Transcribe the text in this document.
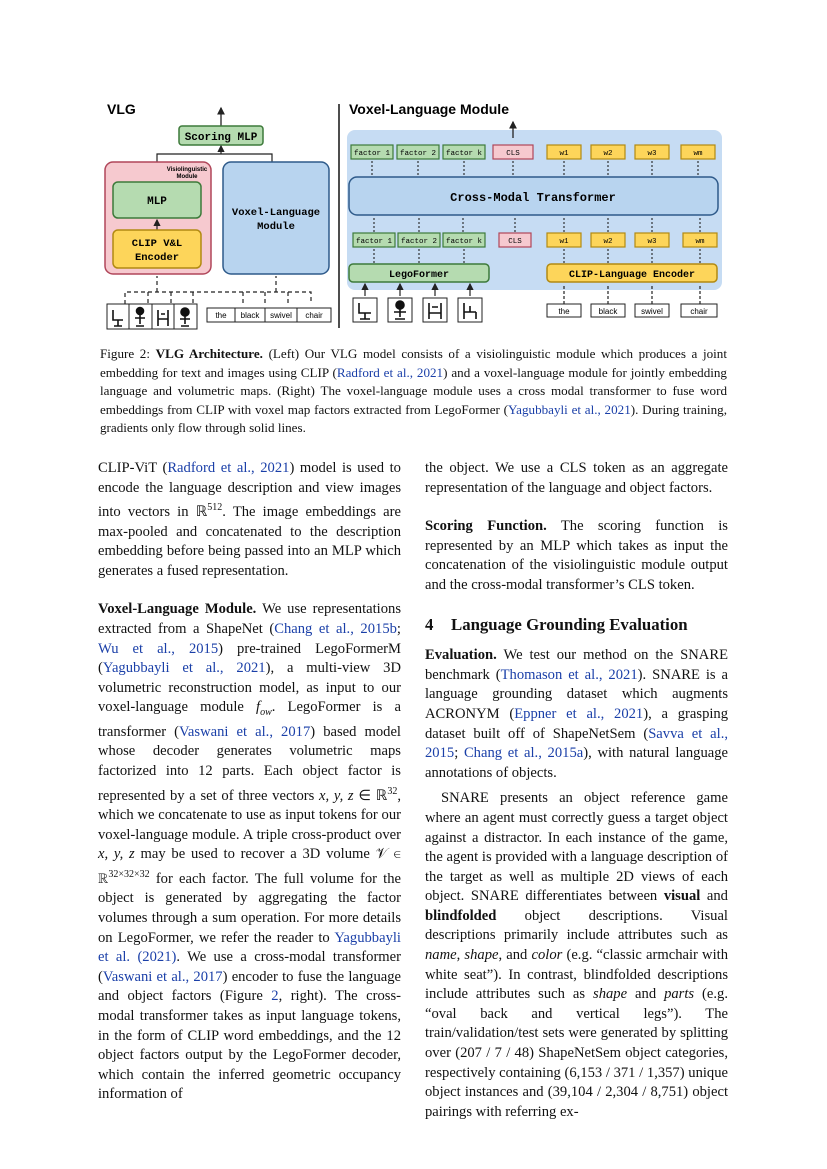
VLG
Scoring MLP
Visiolinguistic
Module
MLP
CLIP V&L
Encoder
Voxel-Language
Module
the black swivel chair
Voxel-Language Module
factor 1 factor 2 factor k	CLS	w1	w2	w3	wm
Cross-Modal Transformer
factor 1 factor 2 factor k	CLS	w1	w2	w3	wm
LegoFormer	CLIP-Language Encoder
the	black	swivel	chair
Figure 2: VLG Architecture. (Left) Our VLG model consists of a visiolinguistic module which produces a joint embedding for text and images using CLIP (Radford et al., 2021) and a voxel-language module for jointly embedding language and volumetric maps. (Right) The voxel-language module uses a cross modal transformer to fuse word embeddings from CLIP with voxel map factors extracted from LegoFormer (Yagubbayli et al., 2021). During training, gradients only flow through solid lines.

CLIP-ViT (Radford et al., 2021) model is used to encode the language description and view images into vectors in ℝ$^{512}$. The image embeddings are max-pooled and concatenated to the description embedding before being passed into an MLP which generates a fused representation.

Voxel-Language Module. We use representations extracted from a ShapeNet (Chang et al., 2015b; Wu et al., 2015) pre-trained LegoFormerM (Yagubbayli et al., 2021), a multi-view 3D volumetric reconstruction model, as input to our voxel-language module $f_{ow}$. LegoFormer is a transformer (Vaswani et al., 2017) based model whose decoder generates volumetric maps factorized into 12 parts. Each object factor is represented by a set of three vectors x, y, z ∈ ℝ$^{32}$, which we concatenate to use as input tokens for our voxel-language module. A triple cross-product over x, y, z may be used to recover a 3D volume 𝒱 ∈ ℝ$^{32\times 32\times 32}$ for each factor. The full volume for the object is generated by aggregating the factor volumes through a sum operation. For more details on LegoFormer, we refer the reader to Yagubbayli et al. (2021). We use a cross-modal transformer (Vaswani et al., 2017) encoder to fuse the language and object factors (Figure 2, right). The cross-modal transformer takes as input language tokens, in the form of CLIP word embeddings, and the 12 object factors output by the LegoFormer decoder, which contain the inferred geometric occupancy information of

the object. We use a CLS token as an aggregate representation of the language and object factors.

Scoring Function. The scoring function is represented by an MLP which takes as input the concatenation of the visiolinguistic module output and the cross-modal transformer’s CLS token.

4 Language Grounding Evaluation

Evaluation. We test our method on the SNARE benchmark (Thomason et al., 2021). SNARE is a language grounding dataset which augments ACRONYM (Eppner et al., 2021), a grasping dataset built off of ShapeNetSem (Savva et al., 2015; Chang et al., 2015a), with natural language annotations of objects.

SNARE presents an object reference game where an agent must correctly guess a target object against a distractor. In each instance of the game, the agent is provided with a language description of the target as well as multiple 2D views of each object. SNARE differentiates between visual and blindfolded object descriptions. Visual descriptions primarily include attributes such as name, shape, and color (e.g. “classic armchair with white seat”). In contrast, blindfolded descriptions include attributes such as shape and parts (e.g. “oval back and vertical legs”). The train/validation/test sets were generated by splitting over (207 / 7 / 48) ShapeNetSem object categories, respectively containing (6,153 / 371 / 1,357) unique object instances and (39,104 / 2,304 / 8,751) object pairings with referring ex-
